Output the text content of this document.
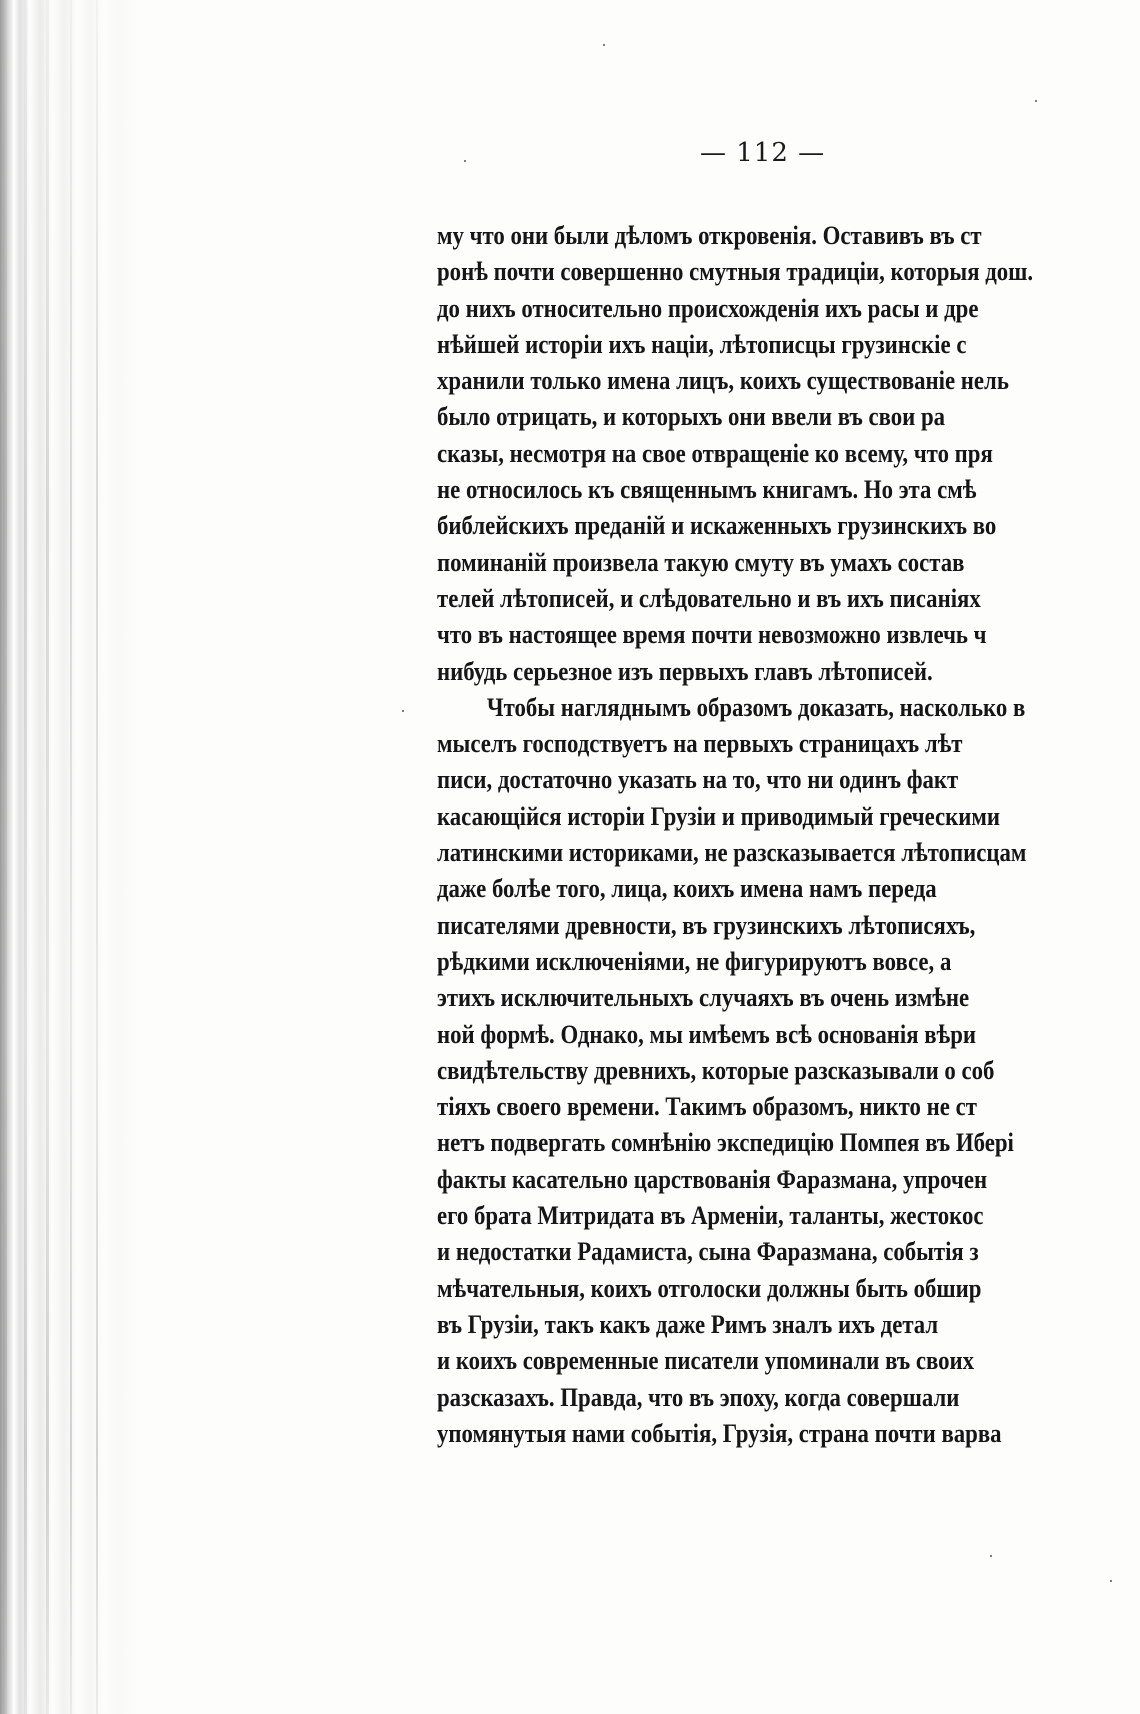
— 112 —
му что они были дѣломъ откровенія. Оставивъ въ ст
ронѣ почти совершенно смутныя традиціи, которыя дош.
до нихъ относительно происхожденія ихъ расы и дре
нѣйшей исторіи ихъ націи, лѣтописцы грузинскіе с
хранили только имена лицъ, коихъ существованіе нель
было отрицать, и которыхъ они ввели въ свои ра
сказы, несмотря на свое отвращеніе ко всему, что пря
не относилось къ священнымъ книгамъ. Но эта смѣ
библейскихъ преданій и искаженныхъ грузинскихъ во
поминаній произвела такую смуту въ умахъ состав
телей лѣтописей, и слѣдовательно и въ ихъ писаніях
что въ настоящее время почти невозможно извлечь ч
нибудь серьезное изъ первыхъ главъ лѣтописей.
Чтобы нагляднымъ образомъ доказать, насколько в
мыселъ господствуетъ на первыхъ страницахъ лѣт
писи, достаточно указать на то, что ни одинъ факт
касающійся исторіи Грузіи и приводимый греческими
латинскими историками, не разсказывается лѣтописцам
даже болѣе того, лица, коихъ имена намъ переда
писателями древности, въ грузинскихъ лѣтописяхъ,
рѣдкими исключеніями, не фигурируютъ вовсе, а
этихъ исключительныхъ случаяхъ въ очень измѣне
ной формѣ. Однако, мы имѣемъ всѣ основанія вѣри
свидѣтельству древнихъ, которые разсказывали о соб
тіяхъ своего времени. Такимъ образомъ, никто не ст
нетъ подвергать сомнѣнію экспедицію Помпея въ Ибері
факты касательно царствованія Фаразмана, упрочен
его брата Митридата въ Арменіи, таланты, жестокос
и недостатки Радамиста, сына Фаразмана, событія з
мѣчательныя, коихъ отголоски должны быть обшир
въ Грузіи, такъ какъ даже Римъ зналъ ихъ детал
и коихъ современные писатели упоминали въ своих
разсказахъ. Правда, что въ эпоху, когда совершали
упомянутыя нами событія, Грузія, страна почти варва
